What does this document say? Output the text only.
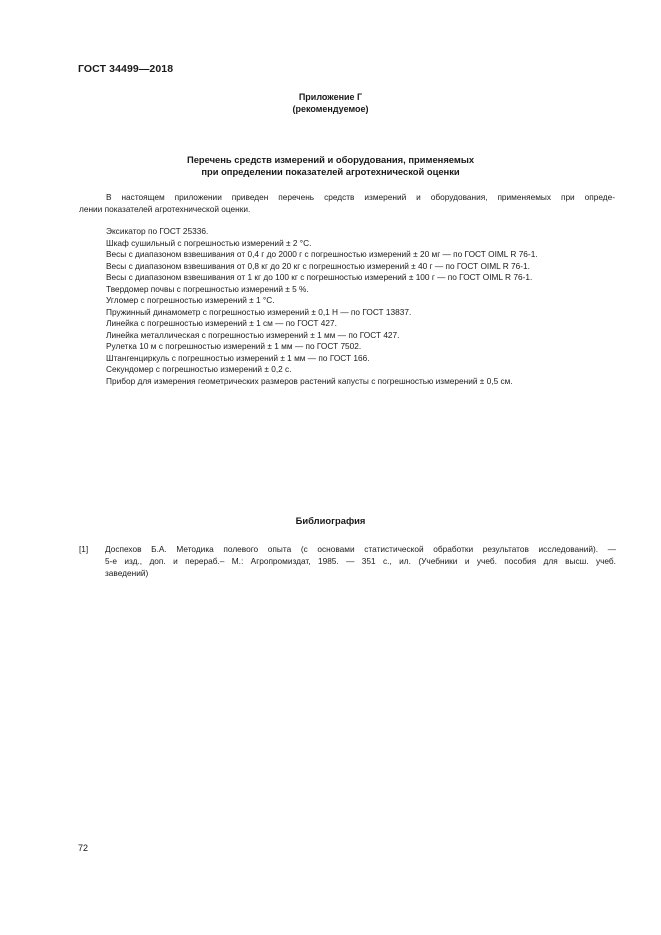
ГОСТ 34499—2018
Приложение Г
(рекомендуемое)
Перечень средств измерений и оборудования, применяемых
при определении показателей агротехнической оценки
В настоящем приложении приведен перечень средств измерений и оборудования, применяемых при опреде-
лении показателей агротехнической оценки.
Эксикатор по ГОСТ 25336.
Шкаф сушильный с погрешностью измерений ± 2 °С.
Весы с диапазоном взвешивания от 0,4 г до 2000 г с погрешностью измерений ± 20 мг — по ГОСТ OIML R 76-1.
Весы с диапазоном взвешивания от 0,8 кг до 20 кг с погрешностью измерений ± 40 г — по ГОСТ OIML R 76-1.
Весы с диапазоном взвешивания от 1 кг до 100 кг с погрешностью измерений ± 100 г — по ГОСТ OIML R 76-1.
Твердомер почвы с погрешностью измерений ± 5 %.
Угломер с погрешностью измерений ± 1 °С.
Пружинный динамометр с погрешностью измерений ± 0,1 Н — по ГОСТ 13837.
Линейка с погрешностью измерений ± 1 см — по ГОСТ 427.
Линейка металлическая с погрешностью измерений ± 1 мм — по ГОСТ 427.
Рулетка 10 м с погрешностью измерений ± 1 мм — по ГОСТ 7502.
Штангенциркуль с погрешностью измерений ± 1 мм — по ГОСТ 166.
Секундомер с погрешностью измерений ± 0,2 с.
Прибор для измерения геометрических размеров растений капусты с погрешностью измерений ± 0,5 см.
Библиография
[1] Доспехов Б.А. Методика полевого опыта (с основами статистической обработки результатов исследований). —
5-е изд., доп. и перераб.– М.: Агропромиздат, 1985. — 351 с., ил. (Учебники и учеб. пособия для высш. учеб.
заведений)
72
